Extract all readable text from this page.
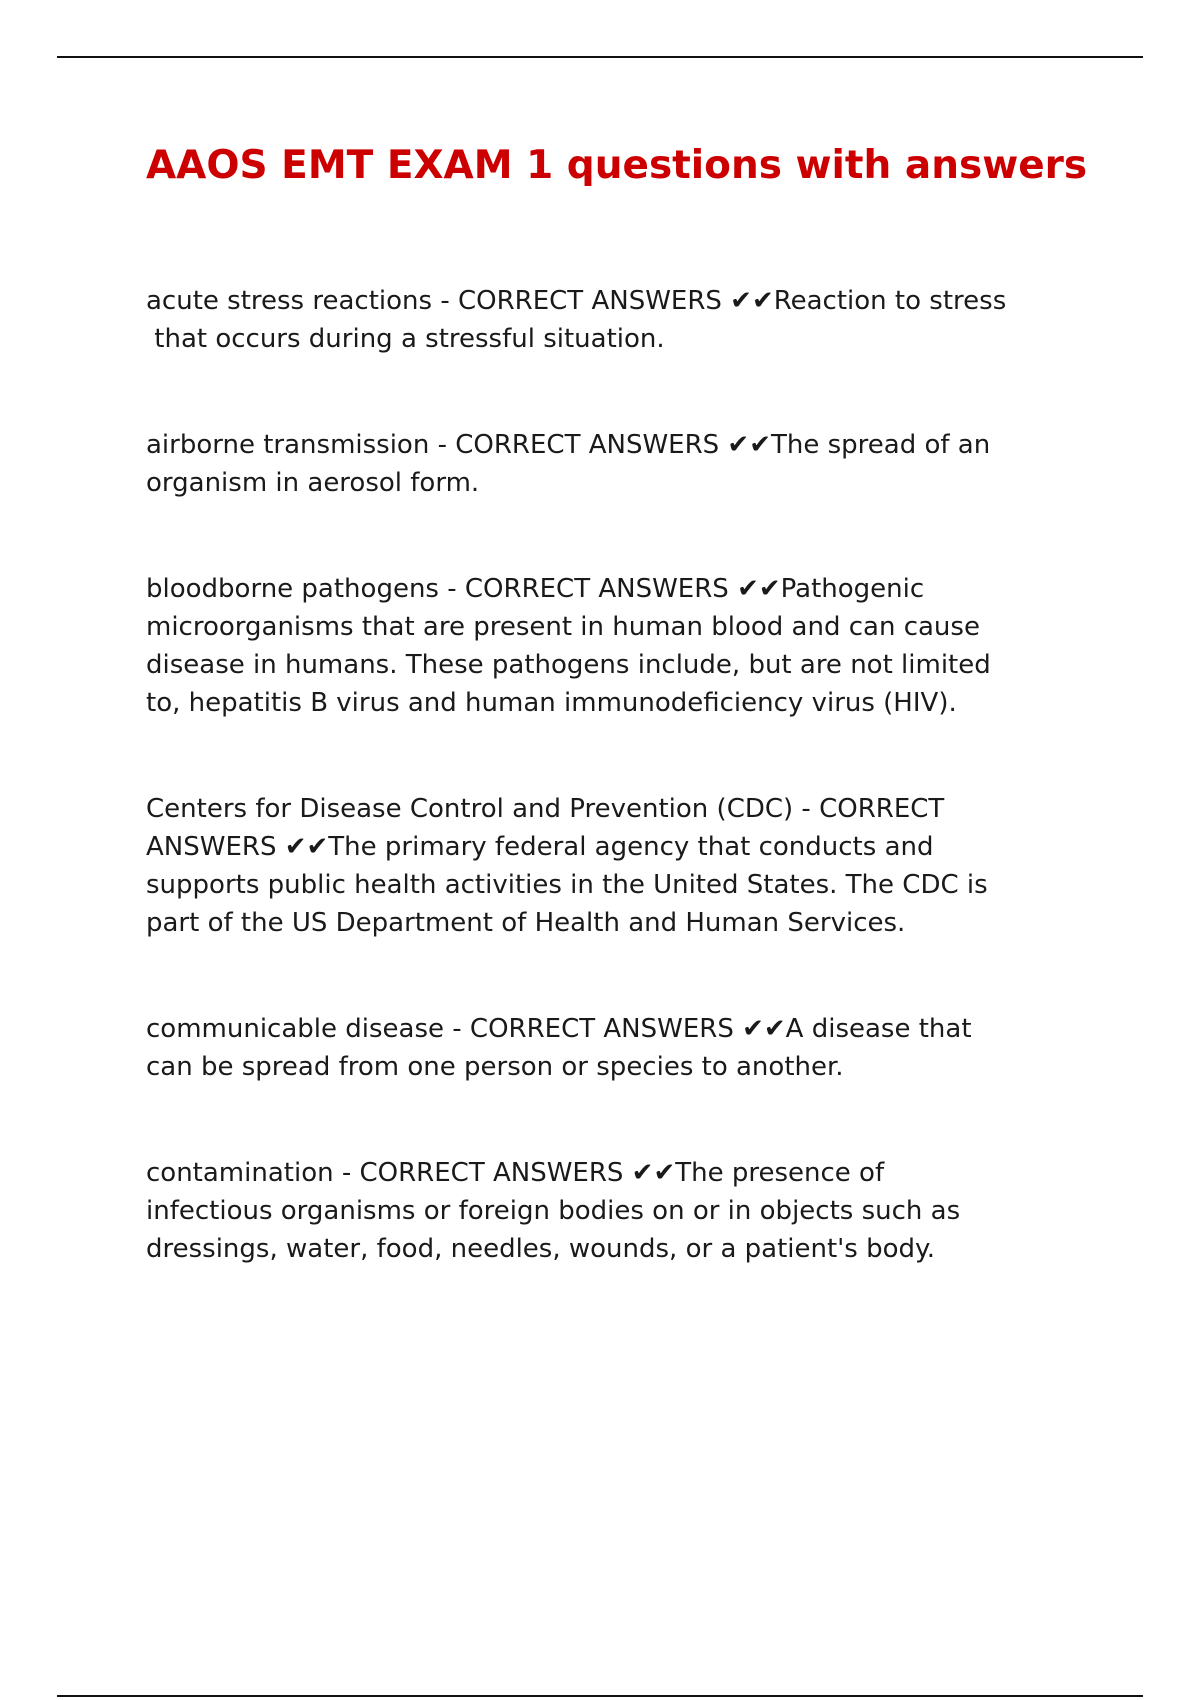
AAOS EMT EXAM 1 questions with answers

acute stress reactions - CORRECT ANSWERS ✔✔Reaction to stress
that occurs during a stressful situation.

airborne transmission - CORRECT ANSWERS ✔✔The spread of an
organism in aerosol form.

bloodborne pathogens - CORRECT ANSWERS ✔✔Pathogenic
microorganisms that are present in human blood and can cause
disease in humans. These pathogens include, but are not limited
to, hepatitis B virus and human immunodeficiency virus (HIV).

Centers for Disease Control and Prevention (CDC) - CORRECT
ANSWERS ✔✔The primary federal agency that conducts and
supports public health activities in the United States. The CDC is
part of the US Department of Health and Human Services.

communicable disease - CORRECT ANSWERS ✔✔A disease that
can be spread from one person or species to another.

contamination - CORRECT ANSWERS ✔✔The presence of
infectious organisms or foreign bodies on or in objects such as
dressings, water, food, needles, wounds, or a patient's body.
